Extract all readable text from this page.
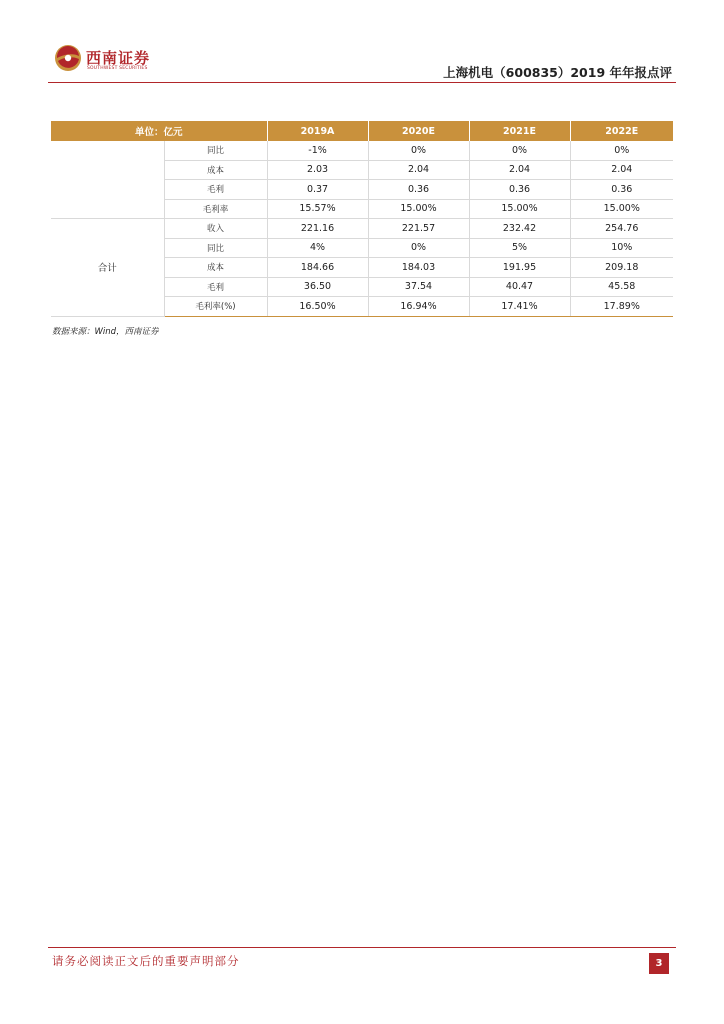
西南证券
SOUTHWEST SECURITIES	上海机电（600835）2019 年年报点评
单位：亿元		2019A	2020E	2021E	2022E
	同比	-1%	0%	0%	0%
	成本	2.03	2.04	2.04	2.04
	毛利	0.37	0.36	0.36	0.36
	毛利率	15.57%	15.00%	15.00%	15.00%
合计	收入	221.16	221.57	232.42	254.76
	同比	4%	0%	5%	10%
	成本	184.66	184.03	191.95	209.18
	毛利	36.50	37.54	40.47	45.58
	毛利率(%)	16.50%	16.94%	17.41%	17.89%
数据来源：Wind，西南证券
请务必阅读正文后的重要声明部分	3
